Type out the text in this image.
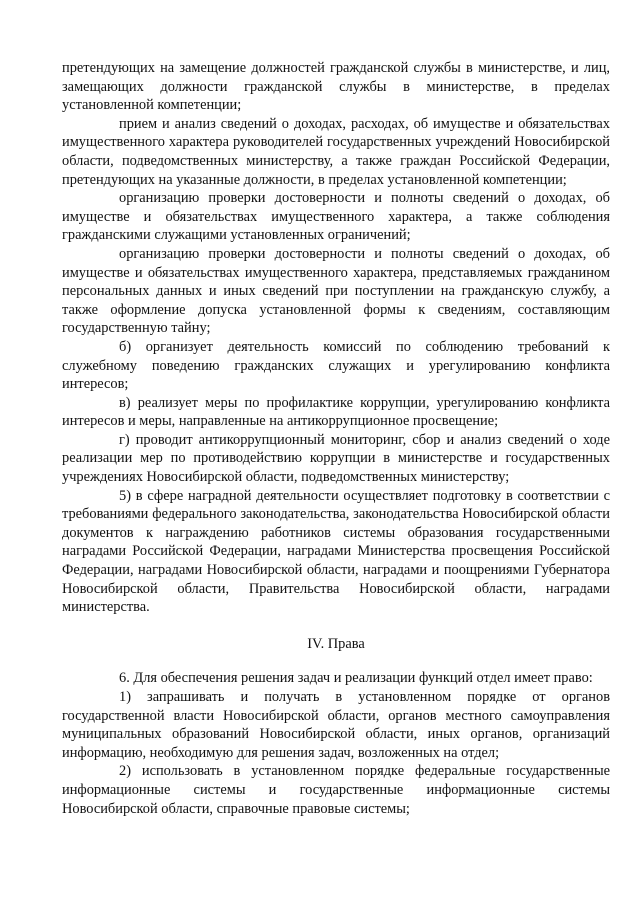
претендующих на замещение должностей гражданской службы в министерстве, и лиц, замещающих должности гражданской службы в министерстве, в пределах установленной компетенции;

прием и анализ сведений о доходах, расходах, об имуществе и обязательствах имущественного характера руководителей государственных учреждений Новосибирской области, подведомственных министерству, а также граждан Российской Федерации, претендующих на указанные должности, в пределах установленной компетенции;

организацию проверки достоверности и полноты сведений о доходах, об имуществе и обязательствах имущественного характера, а также соблюдения гражданскими служащими установленных ограничений;

организацию проверки достоверности и полноты сведений о доходах, об имуществе и обязательствах имущественного характера, представляемых гражданином персональных данных и иных сведений при поступлении на гражданскую службу, а также оформление допуска установленной формы к сведениям, составляющим государственную тайну;

б) организует деятельность комиссий по соблюдению требований к служебному поведению гражданских служащих и урегулированию конфликта интересов;

в) реализует меры по профилактике коррупции, урегулированию конфликта интересов и меры, направленные на антикоррупционное просвещение;

г) проводит антикоррупционный мониторинг, сбор и анализ сведений о ходе реализации мер по противодействию коррупции в министерстве и государственных учреждениях Новосибирской области, подведомственных министерству;

5) в сфере наградной деятельности осуществляет подготовку в соответствии с требованиями федерального законодательства, законодательства Новосибирской области документов к награждению работников системы образования государственными наградами Российской Федерации, наградами Министерства просвещения Российской Федерации, наградами Новосибирской области, наградами и поощрениями Губернатора Новосибирской области, Правительства Новосибирской области, наградами министерства.

IV. Права

6. Для обеспечения решения задач и реализации функций отдел имеет право:

1) запрашивать и получать в установленном порядке от органов государственной власти Новосибирской области, органов местного самоуправления муниципальных образований Новосибирской области, иных органов, организаций информацию, необходимую для решения задач, возложенных на отдел;

2) использовать в установленном порядке федеральные государственные информационные системы и государственные информационные системы Новосибирской области, справочные правовые системы;
